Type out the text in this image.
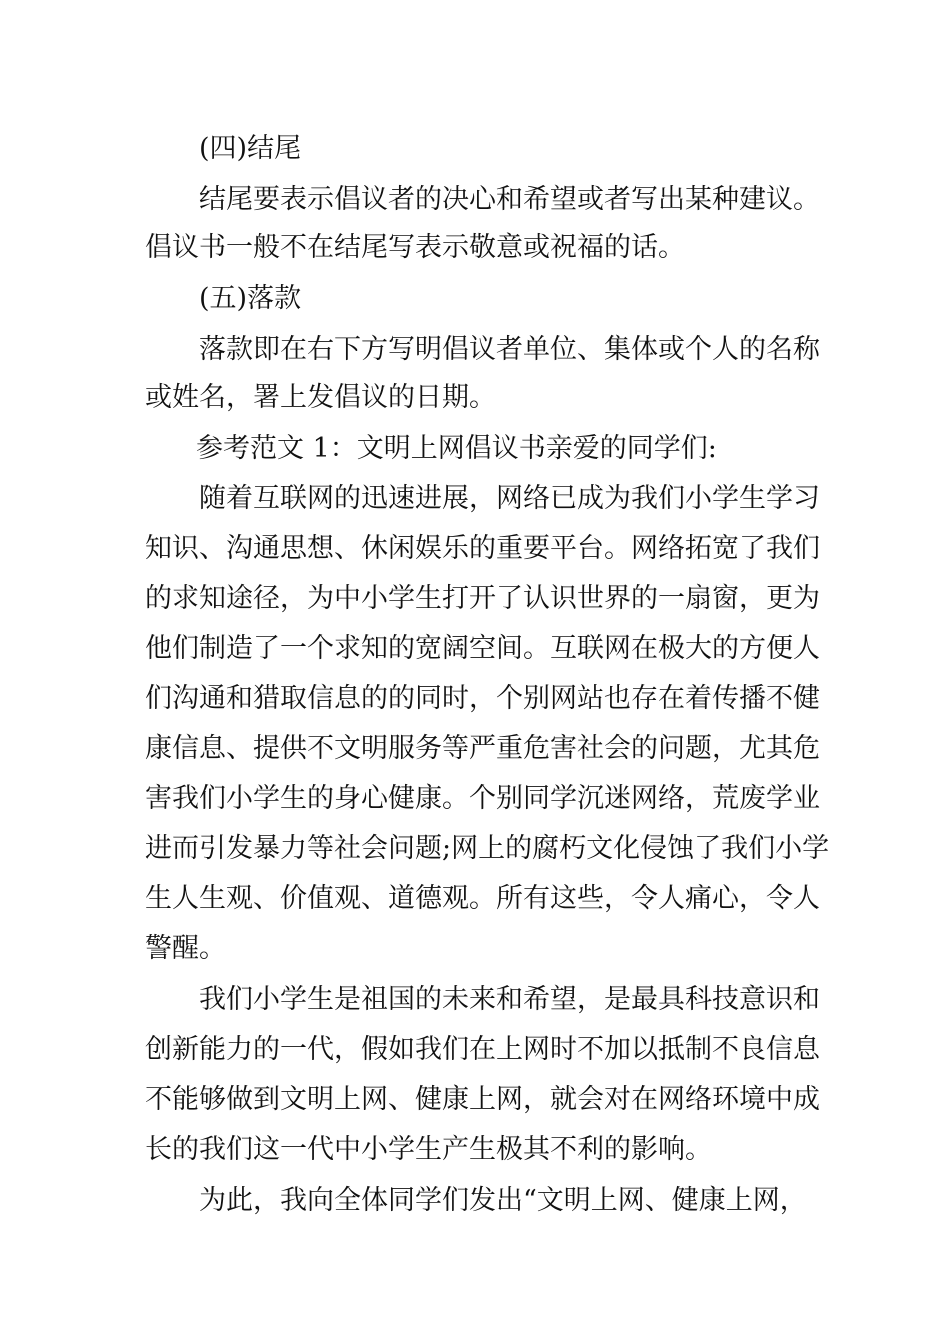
(四)结尾
结尾要表示倡议者的决心和希望或者写出某种建议。
倡议书一般不在结尾写表示敬意或祝福的话。
(五)落款
落款即在右下方写明倡议者单位、集体或个人的名称
或姓名，署上发倡议的日期。
参考范文 1：文明上网倡议书亲爱的同学们:
随着互联网的迅速进展，网络已成为我们小学生学习
知识、沟通思想、休闲娱乐的重要平台。网络拓宽了我们
的求知途径，为中小学生打开了认识世界的一扇窗，更为
他们制造了一个求知的宽阔空间。互联网在极大的方便人
们沟通和猎取信息的的同时，个别网站也存在着传播不健
康信息、提供不文明服务等严重危害社会的问题，尤其危
害我们小学生的身心健康。个别同学沉迷网络，荒废学业
进而引发暴力等社会问题;网上的腐朽文化侵蚀了我们小学
生人生观、价值观、道德观。所有这些，令人痛心，令人
警醒。
我们小学生是祖国的未来和希望，是最具科技意识和
创新能力的一代，假如我们在上网时不加以抵制不良信息
不能够做到文明上网、健康上网，就会对在网络环境中成
长的我们这一代中小学生产生极其不利的影响。
为此，我向全体同学们发出“文明上网、健康上网，
